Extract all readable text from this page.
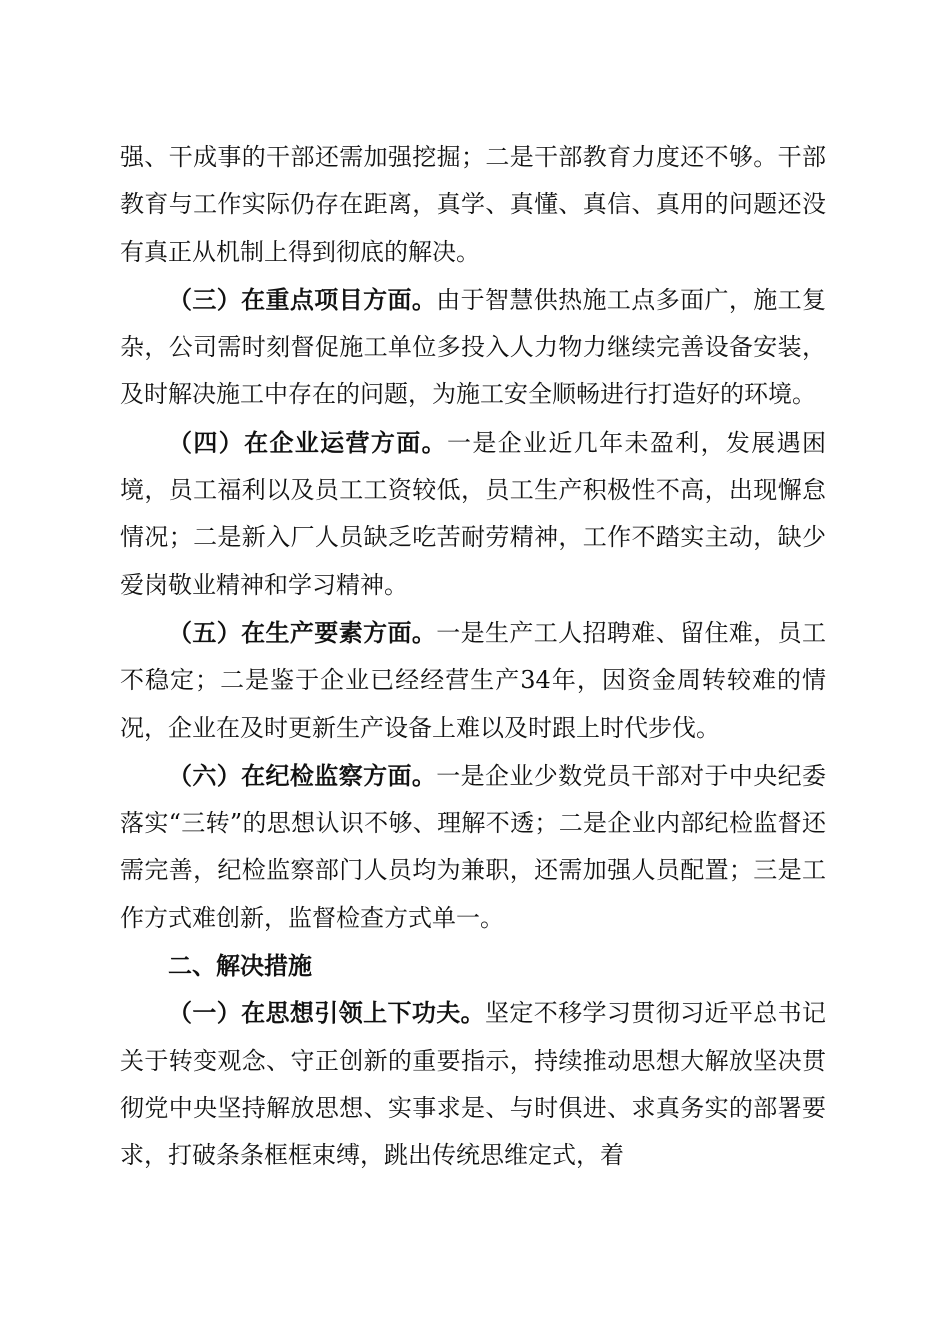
强、干成事的干部还需加强挖掘；二是干部教育力度还不够。干部教育与工作实际仍存在距离，真学、真懂、真信、真用的问题还没有真正从机制上得到彻底的解决。

（三）在重点项目方面。由于智慧供热施工点多面广，施工复杂，公司需时刻督促施工单位多投入人力物力继续完善设备安装，及时解决施工中存在的问题，为施工安全顺畅进行打造好的环境。

（四）在企业运营方面。一是企业近几年未盈利，发展遇困境，员工福利以及员工工资较低，员工生产积极性不高，出现懈怠情况；二是新入厂人员缺乏吃苦耐劳精神，工作不踏实主动，缺少爱岗敬业精神和学习精神。

（五）在生产要素方面。一是生产工人招聘难、留住难，员工不稳定；二是鉴于企业已经经营生产34年，因资金周转较难的情况，企业在及时更新生产设备上难以及时跟上时代步伐。

（六）在纪检监察方面。一是企业少数党员干部对于中央纪委落实“三转”的思想认识不够、理解不透；二是企业内部纪检监督还需完善，纪检监察部门人员均为兼职，还需加强人员配置；三是工作方式难创新，监督检查方式单一。

二、解决措施

（一）在思想引领上下功夫。坚定不移学习贯彻习近平总书记关于转变观念、守正创新的重要指示，持续推动思想大解放坚决贯彻党中央坚持解放思想、实事求是、与时俱进、求真务实的部署要求，打破条条框框束缚，跳出传统思维定式，着
